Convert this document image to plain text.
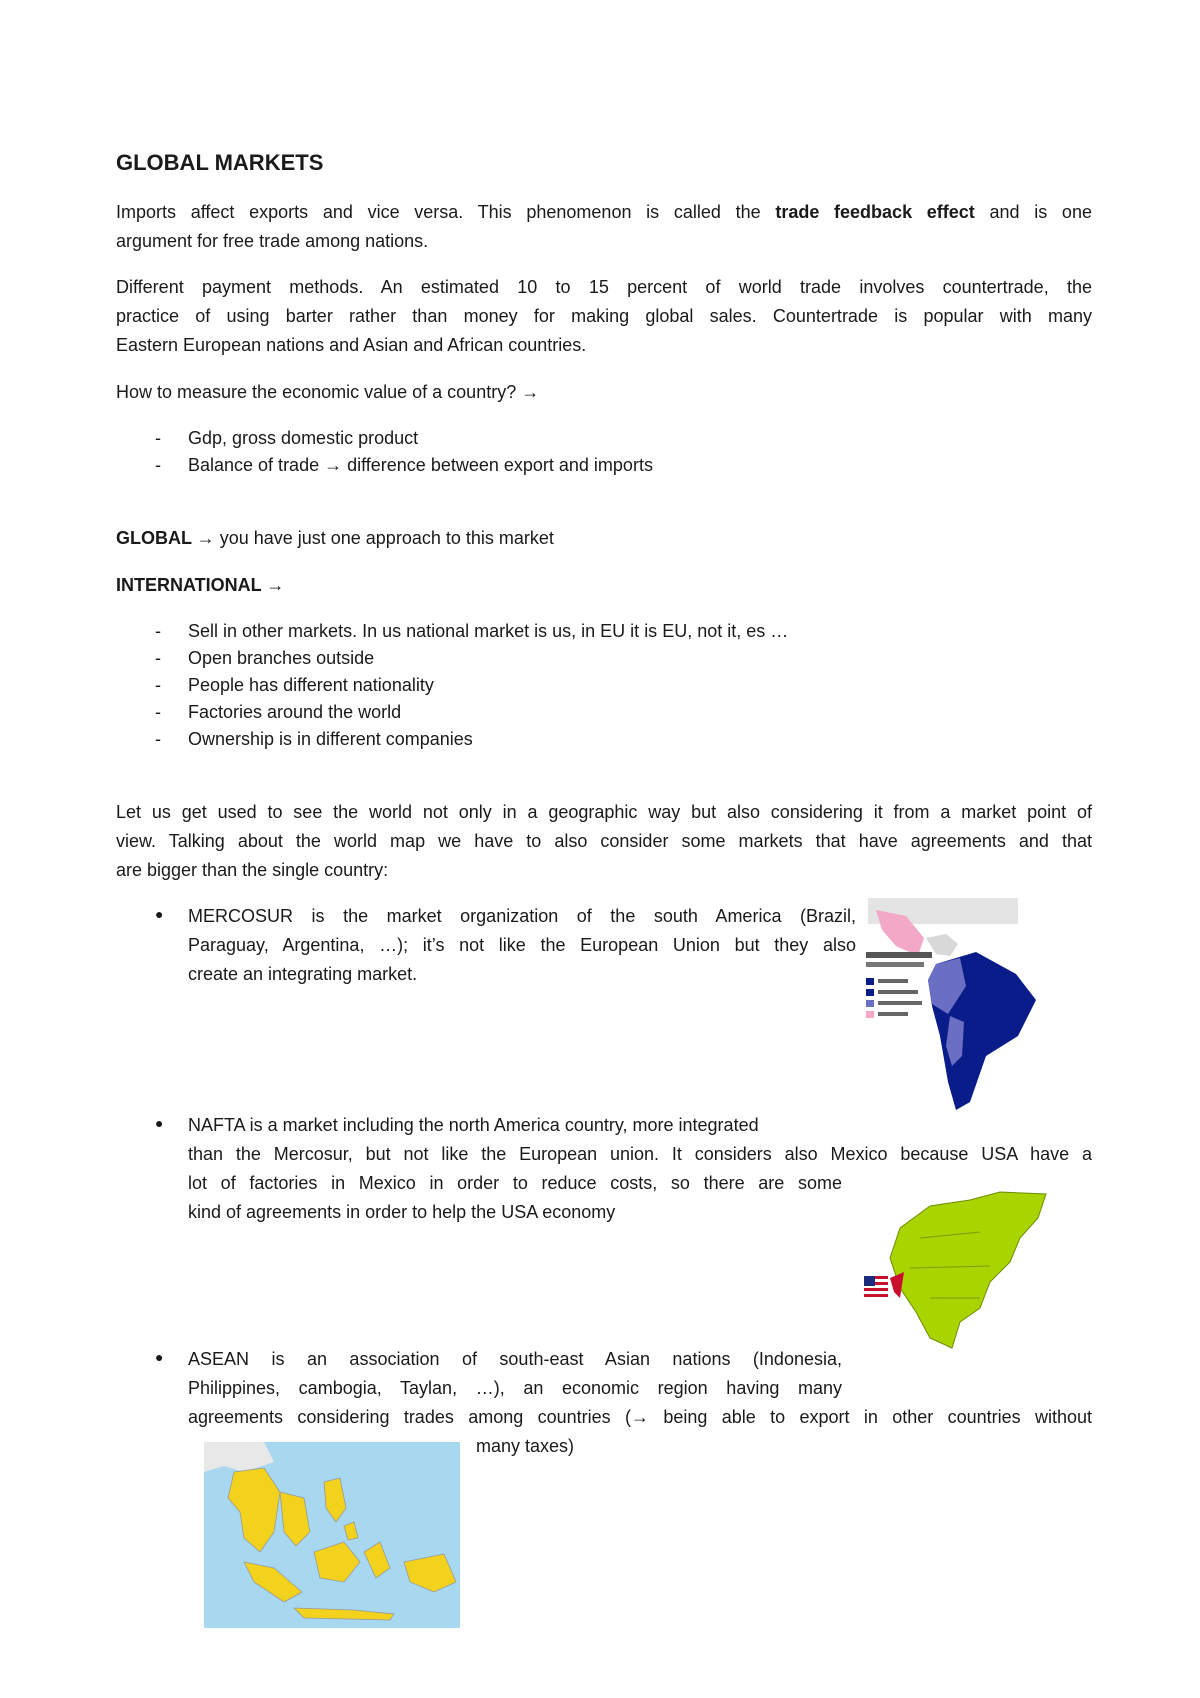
GLOBAL MARKETS
Imports affect exports and vice versa. This phenomenon is called the trade feedback effect and is one
argument for free trade among nations.
Different payment methods. An estimated 10 to 15 percent of world trade involves countertrade, the
practice of using barter rather than money for making global sales. Countertrade is popular with many
Eastern European nations and Asian and African countries.
How to measure the economic value of a country? →
-	Gdp, gross domestic product
-	Balance of trade → difference between export and imports
GLOBAL → you have just one approach to this market
INTERNATIONAL →
-	Sell in other markets. In us national market is us, in EU it is EU, not it, es …
-	Open branches outside
-	People has different nationality
-	Factories around the world
-	Ownership is in different companies
Let us get used to see the world not only in a geographic way but also considering it from a market point of
view. Talking about the world map we have to also consider some markets that have agreements and that
are bigger than the single country:
● MERCOSUR is the market organization of the south America (Brazil,
Paraguay, Argentina, …); it’s not like the European Union but they also
create an integrating market.
● NAFTA is a market including the north America country, more integrated
than the Mercosur, but not like the European union. It considers also Mexico because USA have a
lot of factories in Mexico in order to reduce costs, so there are some
kind of agreements in order to help the USA economy
● ASEAN is an association of south-east Asian nations (Indonesia,
Philippines, cambogia, Taylan, …), an economic region having many
agreements considering trades among countries (→ being able to export in other countries without
many taxes)
